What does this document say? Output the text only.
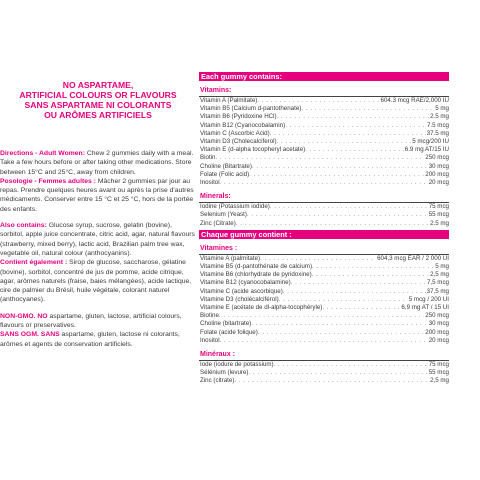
NO ASPARTAME,
ARTIFICIAL COLOURS OR FLAVOURS
SANS ASPARTAME NI COLORANTS
OU ARÔMES ARTIFICIELS
Directions - Adult Women: Chew 2 gummies daily with a meal. Take a few hours before or after taking other medications. Store between 15°C and 25°C, away from children.
Posologie - Femmes adultes : Mâcher 2 gummies par jour au repas. Prendre quelques heures avant ou après la prise d'autres médicaments. Conserver entre 15 °C et 25 °C, hors de la portée des enfants.
Also contains: Glucose syrup, sucrose, gelatin (bovine), sorbitol, apple juice concentrate, citric acid, agar, natural flavours (strawberry, mixed berry), lactic acid, Brazilian palm tree wax, vegetable oil, natural colour (anthocyanins).
Contient également : Sirop de glucose, saccharose, gélatine (bovine), sorbitol, concentré de jus de pomme, acide citrique, agar, arômes naturels (fraise, baies mélangées), acide lactique, cire de palmier du Brésil, huile végétale, colorant naturel (anthocyanes).
NON-GMO. NO aspartame, gluten, lactose, artificial colours, flavours or preservatives.
SANS OGM. SANS aspartame, gluten, lactose ni colorants, arômes et agents de conservation artificiels.
Each gummy contains:
Vitamins:
Vitamin A (Palmitate) . . .	604.3 mcg RAE/2,000 IU
Vitamin B5 (Calcium d-pantothenate) . . .	5 mg
Vitamin B6 (Pyridoxine HCl) . . .	2.5 mg
Vitamin B12 (Cyanocobalamin) . . .	7.5 mcg
Vitamin C (Ascorbic Acid) . . .	37.5 mg
Vitamin D3 (Cholecalciferol) . . .	5 mcg/200 IU
Vitamin E (d-alpha tocopheryl acetate) . . .	6.9 mg AT/15 IU
Biotin . . .	250 mcg
Choline (Bitartrate) . . .	30 mcg
Folate (Folic acid) . . .	200 mcg
Inositol . . .	20 mcg
Minerals:
Iodine (Potassium iodide) . . .	75 mcg
Selenium (Yeast) . . .	55 mcg
Zinc (Citrate) . . .	2.5 mg
Chaque gummy contient :
Vitamines :
Vitamine A (palmitate) . . .	604,3 mcg EAR / 2 000 UI
Vitamine B5 (d-pantothénate de calcium) . . .	5 mg
Vitamine B6 (chlorhydrate de pyridoxine) . . .	2,5 mg
Vitamine B12 (cyanocobalamine) . . .	7,5 mcg
Vitamine C (acide ascorbique) . . .	37,5 mg
Vitamine D3 (cholécalciférol) . . .	5 mcg / 200 UI
Vitamine E (acétate de dl-alpha-tocophéryle) . . .	6,9 mg AT / 15 UI
Biotine . . .	250 mcg
Choline (bitartrate) . . .	30 mcg
Folate (acide folique) . . .	200 mcg
Inositol . . .	20 mcg
Minéraux :
Iode (iodure de potassium) . . .	75 mcg
Sélénium (levure) . . .	55 mcg
Zinc (citrate) . . .	2,5 mg
